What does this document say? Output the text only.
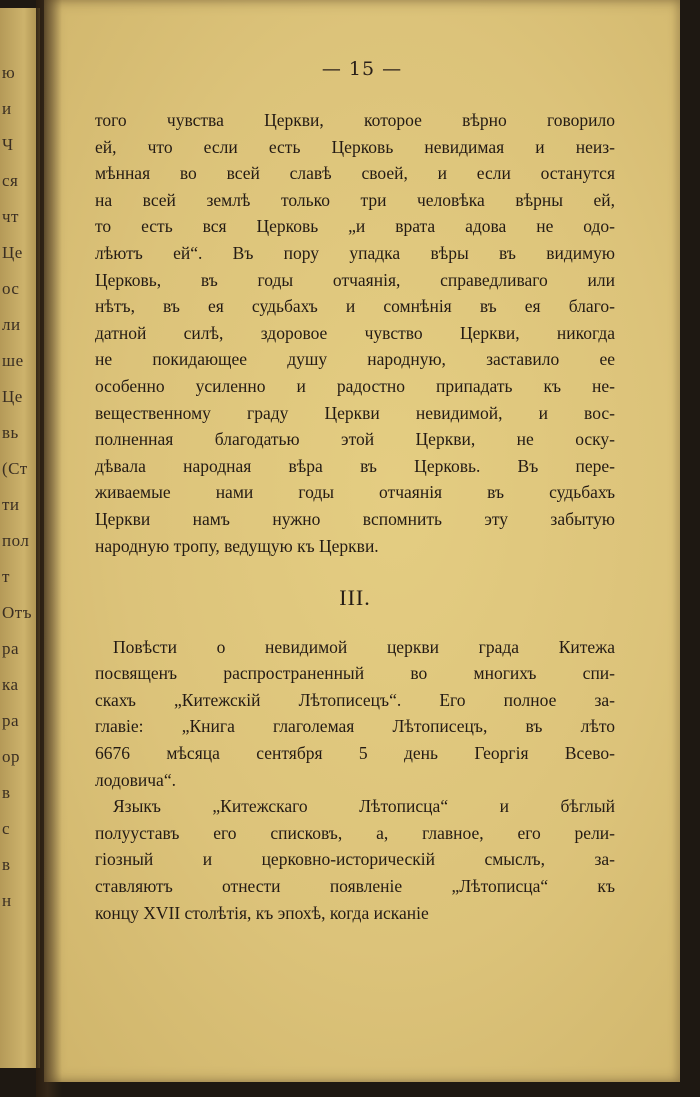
ю
и
Ч
ся
чт
Це
ос
ли
ше
Це
вь
(Ст
ти
пол
т
Отъ
ра
ка
ра
ор
в
с
в
н
— 15 —

того чувства Церкви, которое вѣрно говорило
ей, что если есть Церковь невидимая и неиз-
мѣнная во всей славѣ своей, и если останутся
на всей землѣ только три человѣка вѣрны ей,
то есть вся Церковь „и врата адова не одо-
лѣютъ ей“. Въ пору упадка вѣры въ видимую
Церковь, въ годы отчаянія, справедливаго или
нѣтъ, въ ея судьбахъ и сомнѣнія въ ея благо-
датной силѣ, здоровое чувство Церкви, никогда
не покидающее душу народную, заставило ее
особенно усиленно и радостно припадать къ не-
вещественному граду Церкви невидимой, и вос-
полненная благодатью этой Церкви, не оску-
дѣвала народная вѣра въ Церковь. Въ пере-
живаемые нами годы отчаянія въ судьбахъ
Церкви намъ нужно вспомнить эту забытую
народную тропу, ведущую къ Церкви.

III.

Повѣсти о невидимой церкви града Китежа
посвященъ распространенный во многихъ спи-
скахъ „Китежскій Лѣтописецъ“. Его полное за-
главіе: „Книга глаголемая Лѣтописецъ, въ лѣто
6676 мѣсяца сентября 5 день Георгія Всево-
лодовича“.

Языкъ „Китежскаго Лѣтописца“ и бѣглый
полууставъ его списковъ, а, главное, его рели-
гіозный и церковно-историческій смыслъ, за-
ставляютъ отнести появленіе „Лѣтописца“ къ
концу XVII столѣтія, къ эпохѣ, когда исканіе
